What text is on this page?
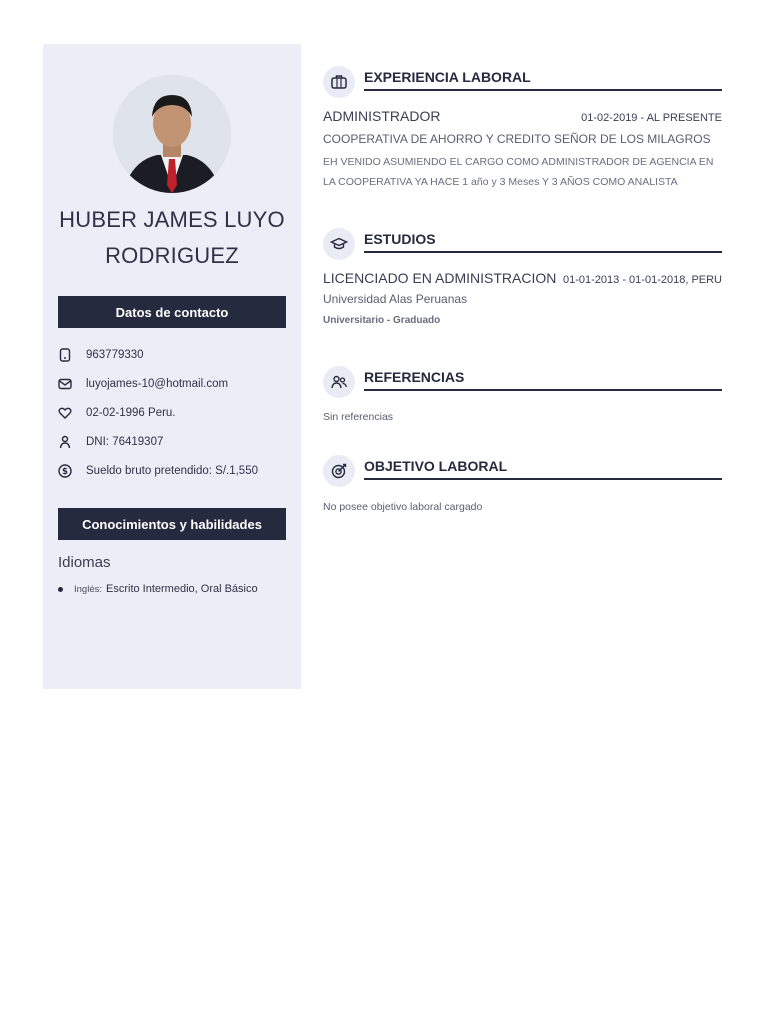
HUBER JAMES LUYO RODRIGUEZ
Datos de contacto
963779330
luyojames-10@hotmail.com
02-02-1996 Peru.
DNI: 76419307
$ Sueldo bruto pretendido: S/.1,550
Conocimientos y habilidades
Idiomas
Inglés: Escrito Intermedio, Oral Básico
EXPERIENCIA LABORAL
ADMINISTRADOR	01-02-2019 - AL PRESENTE
COOPERATIVA DE AHORRO Y CREDITO SEÑOR DE LOS MILAGROS
EH VENIDO ASUMIENDO EL CARGO COMO ADMINISTRADOR DE AGENCIA EN LA COOPERATIVA YA HACE 1 año y 3 Meses Y 3 AÑOS COMO ANALISTA
ESTUDIOS
LICENCIADO EN ADMINISTRACION 01-01-2013 - 01-01-2018, PERU
Universidad Alas Peruanas
Universitario - Graduado
REFERENCIAS
Sin referencias
OBJETIVO LABORAL
No posee objetivo laboral cargado
